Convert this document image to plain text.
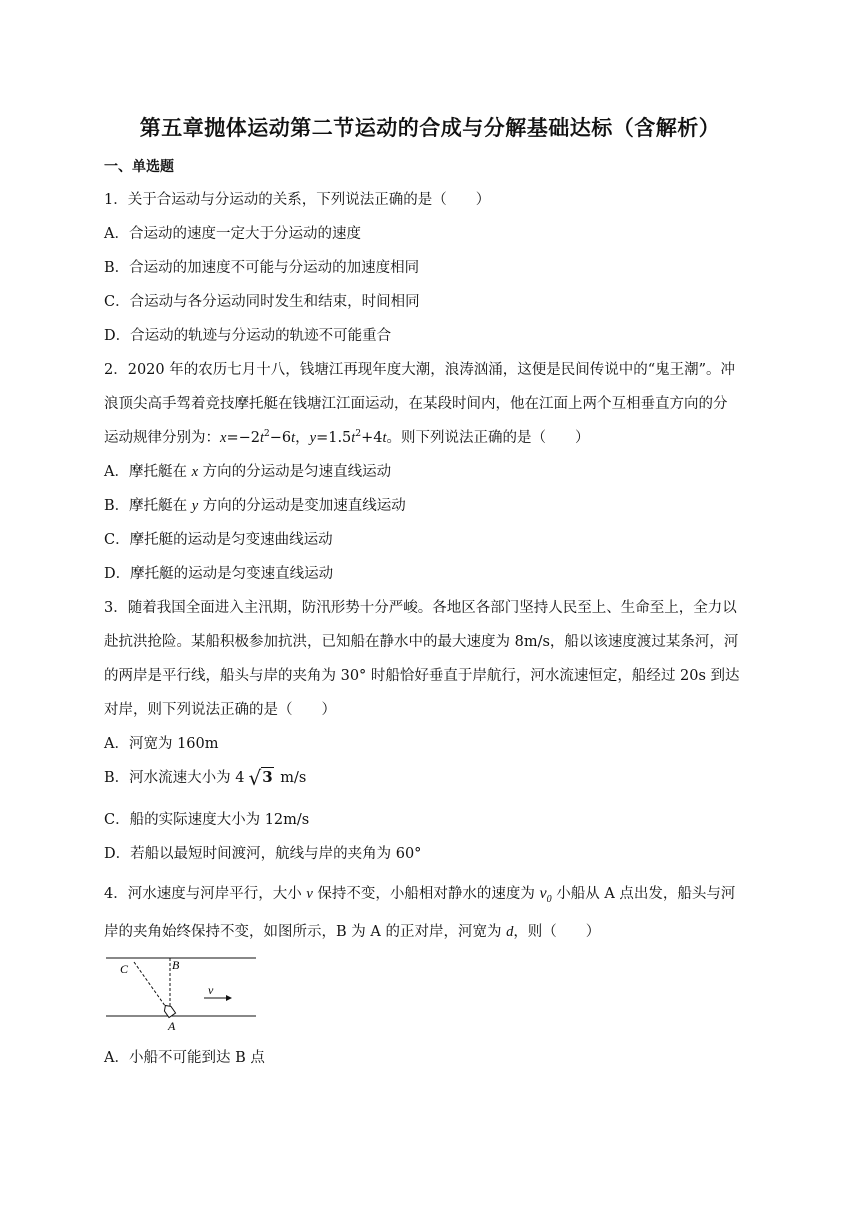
第五章抛体运动第二节运动的合成与分解基础达标（含解析）
一、单选题
1．关于合运动与分运动的关系，下列说法正确的是（　　）
A．合运动的速度一定大于分运动的速度
B．合运动的加速度不可能与分运动的加速度相同
C．合运动与各分运动同时发生和结束，时间相同
D．合运动的轨迹与分运动的轨迹不可能重合
2．2020 年的农历七月十八，钱塘江再现年度大潮，浪涛汹涌，这便是民间传说中的“鬼王潮”。冲
浪顶尖高手驾着竞技摩托艇在钱塘江江面运动，在某段时间内，他在江面上两个互相垂直方向的分
运动规律分别为：$x=-2t^2-6t$，$y=1.5t^2+4t$。则下列说法正确的是（　　）
A．摩托艇在 x 方向的分运动是匀速直线运动
B．摩托艇在 y 方向的分运动是变加速直线运动
C．摩托艇的运动是匀变速曲线运动
D．摩托艇的运动是匀变速直线运动
3．随着我国全面进入主汛期，防汛形势十分严峻。各地区各部门坚持人民至上、生命至上，全力以
赴抗洪抢险。某船积极参加抗洪，已知船在静水中的最大速度为 8m/s，船以该速度渡过某条河，河
的两岸是平行线，船头与岸的夹角为 30° 时船恰好垂直于岸航行，河水流速恒定，船经过 20s 到达
对岸，则下列说法正确的是（　　）
A．河宽为 160m
B．河水流速大小为 4 √3 m/s
C．船的实际速度大小为 12m/s
D．若船以最短时间渡河，航线与岸的夹角为 60°
4．河水速度与河岸平行，大小 v 保持不变，小船相对静水的速度为 $v_0$ 小船从 A 点出发，船头与河
岸的夹角始终保持不变，如图所示，B 为 A 的正对岸，河宽为 d，则（　　）
C	B
A
v
A．小船不可能到达 B 点
